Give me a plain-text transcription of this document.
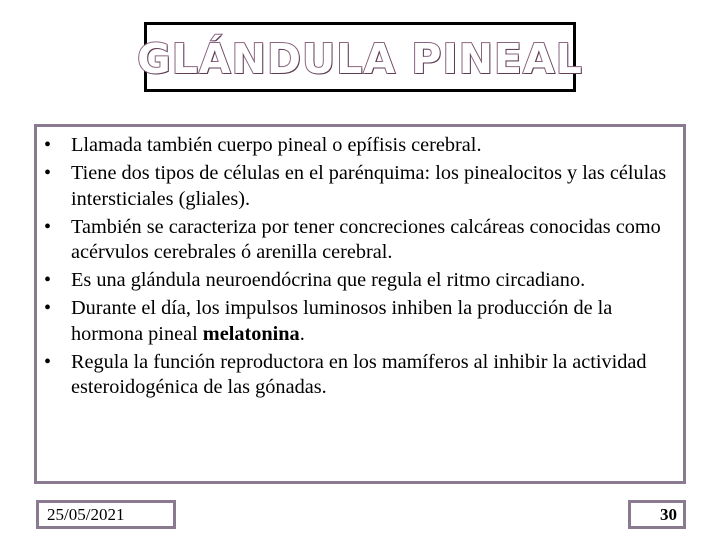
GLÁNDULA PINEAL
• Llamada también cuerpo pineal o epífisis cerebral.
• Tiene dos tipos de células en el parénquima: los pinealocitos y las células intersticiales (gliales).
• También se caracteriza por tener concreciones calcáreas conocidas como acérvulos cerebrales ó arenilla cerebral.
• Es una glándula neuroendócrina que regula el ritmo circadiano.
• Durante el día, los impulsos luminosos inhiben la producción de la hormona pineal melatonina.
• Regula la función reproductora en los mamíferos al inhibir la actividad esteroidogénica de las gónadas.
25/05/2021	30
